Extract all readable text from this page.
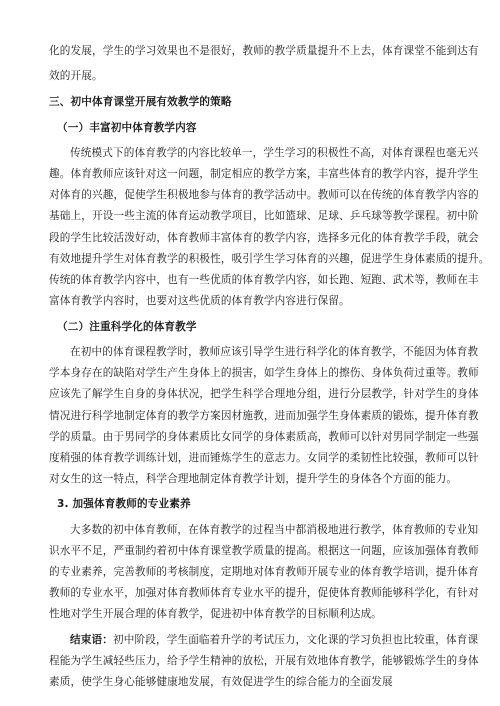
化的发展，学生的学习效果也不是很好，教师的教学质量提升不上去，体育课堂不能到达有
效的开展。
三、初中体育课堂开展有效教学的策略
（一）丰富初中体育教学内容
传统模式下的体育教学的内容比较单一，学生学习的积极性不高，对体育课程也毫无兴
趣。体育教师应该针对这一问题，制定相应的教学方案，丰富些体育的教学内容，提升学生
对体育的兴趣，促使学生积极地参与体育的教学活动中。教师可以在传统的体育教学内容的
基础上，开设一些主流的体育运动教学项目，比如篮球、足球、乒乓球等教学课程。初中阶
段的学生比较活泼好动，体育教师丰富体育的教学内容，选择多元化的体育教学手段，就会
有效地提升学生对体育教学的积极性，吸引学生学习体育的兴趣，促进学生身体素质的提升。
传统的体育教学内容中，也有一些优质的体育教学内容，如长跑、短跑、武术等，教师在丰
富体育教学内容时，也要对这些优质的体育教学内容进行保留。
（二）注重科学化的体育教学
在初中的体育课程教学时，教师应该引导学生进行科学化的体育教学，不能因为体育教
学本身存在的缺陷对学生产生身体上的损害，如学生身体上的擦伤、身体负荷过重等。教师
应该先了解学生自身的身体状况，把学生科学合理地分组，进行分层教学，针对学生的身体
情况进行科学地制定体育的教学方案因材施教，进而加强学生身体素质的锻炼，提升体育教
学的质量。由于男同学的身体素质比女同学的身体素质高，教师可以针对男同学制定一些强
度稍强的体育教学训练计划，进而锤炼学生的意志力。女同学的柔韧性比较强，教师可以针
对女生的这一特点，科学合理地制定体育教学计划，提升学生的身体各个方面的能力。
3. 加强体育教师的专业素养
大多数的初中体育教师，在体育教学的过程当中都消极地进行教学，体育教师的专业知
识水平不足，严重制约着初中体育课堂教学质量的提高。根据这一问题，应该加强体育教师
的专业素养，完善教师的考核制度，定期地对体育教师开展专业的体育教学培训，提升体育
教师的专业水平，加强对体育教师体育专业水平的提升，促使体育教师能够科学化，有针对
性地对学生开展合理的体育教学，促进初中体育教学的目标顺利达成。
结束语：初中阶段，学生面临着升学的考试压力，文化课的学习负担也比较重，体育课
程能为学生减轻些压力，给予学生精神的放松，开展有效地体育教学，能够锻炼学生的身体
素质，使学生身心能够健康地发展，有效促进学生的综合能力的全面发展
